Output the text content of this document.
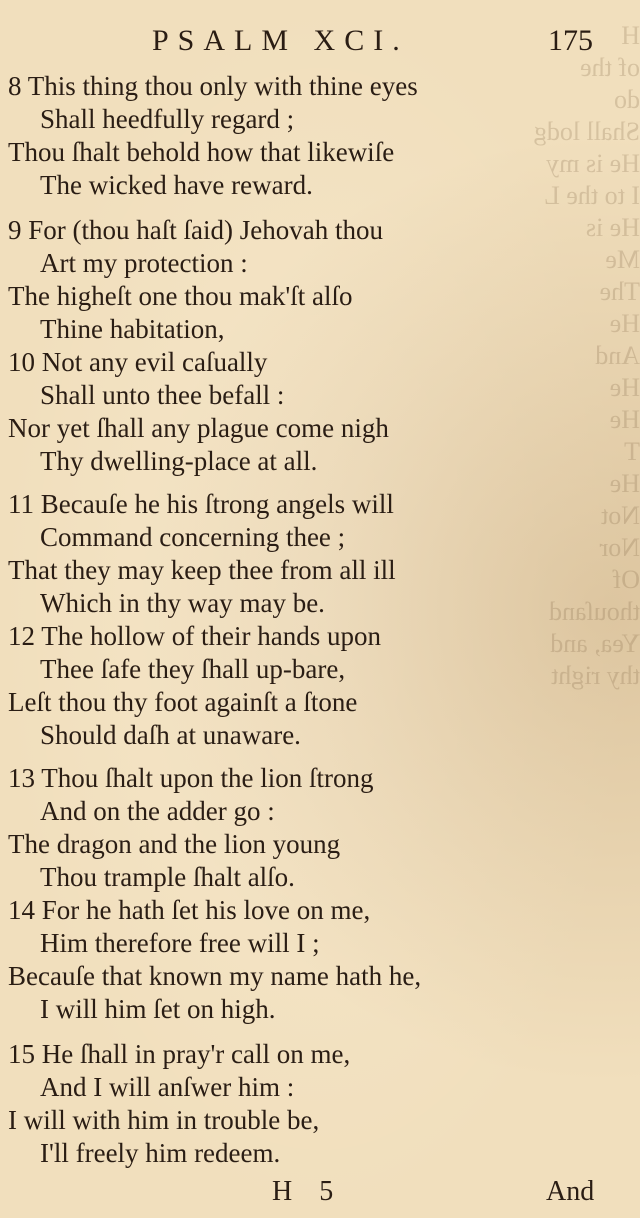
H
of the
do
Shall lodg
He is my
I to the L
He is
Me
The
He
And
He
He
T
He
Not
Nor
Of
thouſand
Yea, and
thy right
PSALM XCI.	175
8 This thing thou only with thine eyes
Shall heedfully regard ;
Thou ſhalt behold how that likewiſe
The wicked have reward.
9 For (thou haſt ſaid) Jehovah thou
Art my protection :
The higheſt one thou mak'ſt alſo
Thine habitation,
10 Not any evil caſually
Shall unto thee befall :
Nor yet ſhall any plague come nigh
Thy dwelling-place at all.
11 Becauſe he his ſtrong angels will
Command concerning thee ;
That they may keep thee from all ill
Which in thy way may be.
12 The hollow of their hands upon
Thee ſafe they ſhall up-bare,
Leſt thou thy foot againſt a ſtone
Should daſh at unaware.
13 Thou ſhalt upon the lion ſtrong
And on the adder go :
The dragon and the lion young
Thou trample ſhalt alſo.
14 For he hath ſet his love on me,
Him therefore free will I ;
Becauſe that known my name hath he,
I will him ſet on high.
15 He ſhall in pray'r call on me,
And I will anſwer him :
I will with him in trouble be,
I'll freely him redeem.
H 5	And
